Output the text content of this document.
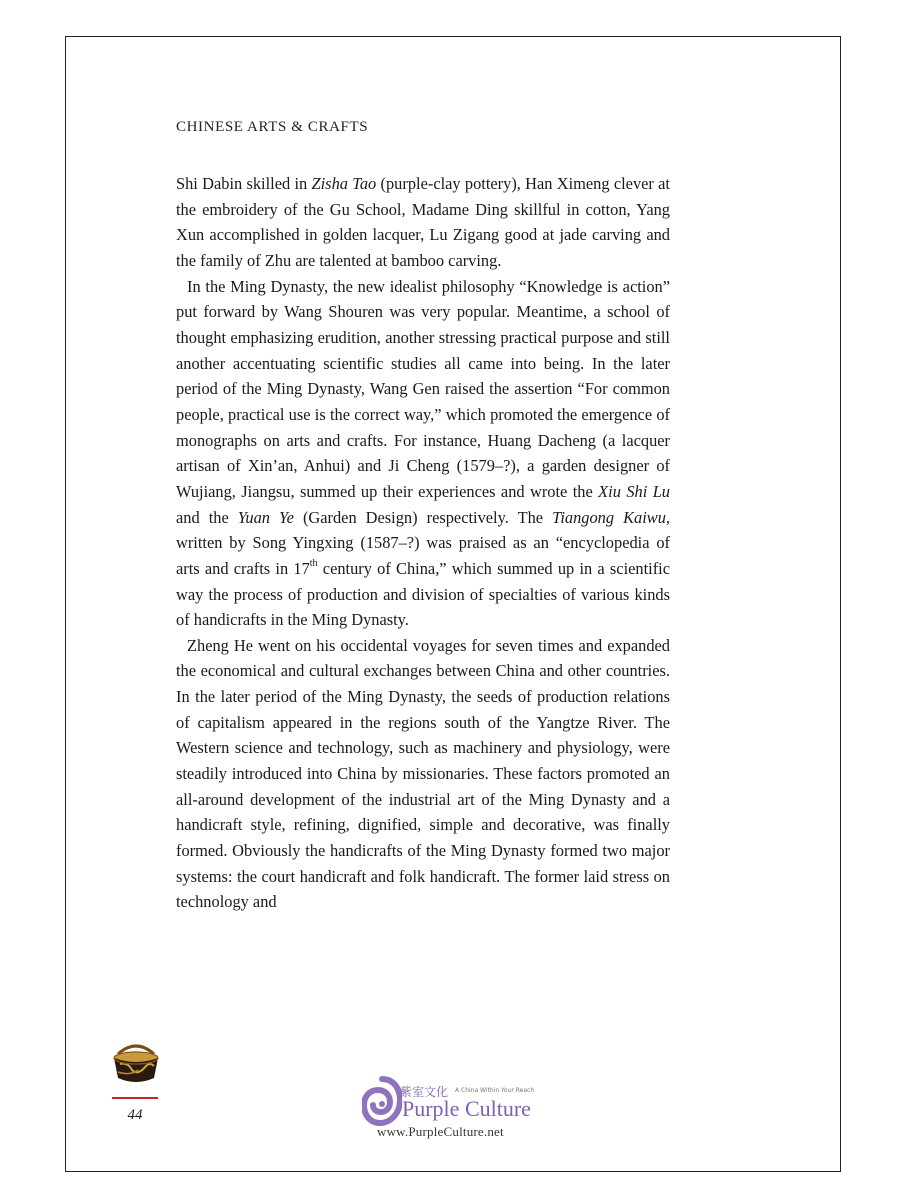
CHINESE ARTS & CRAFTS

Shi Dabin skilled in Zisha Tao (purple-clay pottery), Han Ximeng clever at the embroidery of the Gu School, Madame Ding skillful in cotton, Yang Xun accomplished in golden lacquer, Lu Zigang good at jade carving and the family of Zhu are talented at bamboo carving.

In the Ming Dynasty, the new idealist philosophy “Knowledge is action” put forward by Wang Shouren was very popular. Meantime, a school of thought emphasizing erudition, another stressing practical purpose and still another accentuating scientific studies all came into being. In the later period of the Ming Dynasty, Wang Gen raised the assertion “For common people, practical use is the correct way,” which promoted the emergence of monographs on arts and crafts. For instance, Huang Dacheng (a lacquer artisan of Xin’an, Anhui) and Ji Cheng (1579–?), a garden designer of Wujiang, Jiangsu, summed up their experiences and wrote the Xiu Shi Lu and the Yuan Ye (Garden Design) respectively. The Tiangong Kaiwu, written by Song Yingxing (1587–?) was praised as an “encyclopedia of arts and crafts in 17th century of China,” which summed up in a scientific way the process of production and division of specialties of various kinds of handicrafts in the Ming Dynasty.

Zheng He went on his occidental voyages for seven times and expanded the economical and cultural exchanges between China and other countries. In the later period of the Ming Dynasty, the seeds of production relations of capitalism appeared in the regions south of the Yangtze River. The Western science and technology, such as machinery and physiology, were steadily introduced into China by missionaries. These factors promoted an all-around development of the industrial art of the Ming Dynasty and a handicraft style, refining, dignified, simple and decorative, was finally formed. Obviously the handicrafts of the Ming Dynasty formed two major systems: the court handicraft and folk handicraft. The former laid stress on technology and

44
紫室文化 A China Within Your Reach
Purple Culture
www.PurpleCulture.net
